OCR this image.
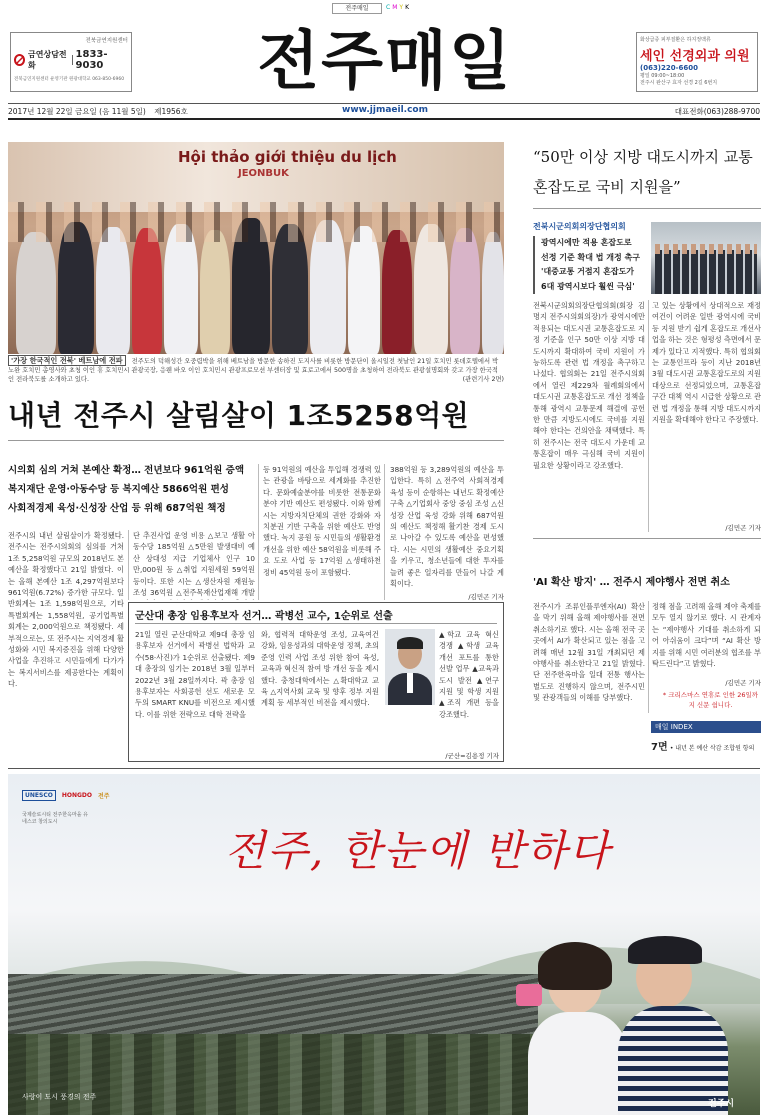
전주매일	C M Y K
전북금연지원센터
금연상담전화
1833-9030
전북금연지원센터 운영기관 원광대학교 063-850-6960 전주매일	화상급증 피부질환은 하지정맥류
세인 선경외과 의원
(063)220-6600
평일 09:00~18:00
전주시 완산구 효자 선경 2길 6번지
2017년 12월 22일 금요일 (음 11월 5일) 제1956호	www.jjmaeil.com	대표전화(063)288-9700
Hội thảo giới thiệu du lịch
JEONBUK
'가장 한국적인 전북' 베트남에 전파 전주도의 덕해성간 오중렴박을 위해 베트남을 방문한 송하진 도지사를 비롯한 방문단이 올시일전 첫날인 21일 호치민 롯데호텔에서 박노완 호치민 총영사와 초청 이인 휴 호치민시 관광국장, 응웬 바오 이인 호치민시 관광프로모션 부센터장 및 효로고에서 500명을 초청하여 전라북도 관광설명회와 갖고 가장 한국적인 전라북도를 소개하고 있다.	(관련기사 2면)
내년 전주시 살림살이 1조5258억원
시의회 심의 거쳐 본예산 확정… 전년보다 961억원 증액
복지재단 운영·아동수당 등 복지예산 5866억원 편성
사회적경제 육성·신성장 산업 등 위해 687억원 책정
전주시의 내년 살림살이가 확정됐다. 전주시는 전주시의회의 심의를 거쳐 1조 5,258억원 규모의 2018년도 본예산을 확정했다고 21일 밝혔다. 이는 올해 본예산 1조 4,297억원보다 961억원(6.72%) 증가한 규모다. 일반회계는 1조 1,598억원으로, 기타특별회계는 1,558억원, 공기업특별회계는 2,000억원으로 책정됐다. 세부적으로는, 또 전주시는 지역경제 활성화와 시민 복지증진을 위해 다양한 사업을 추진하고 시민들에게 다가가는 복지서비스를 제공한다는 계획이다.
단 추진사업 운영 비용 △보고 생활 아동수당 185억원 △5만원 발생대비 예산 상대성 지급 기업체사 인구 10만,000원 등 △취업 지원세원 59억원 등이다. 또한 시는 △생산자원 재원능 조성 36억원 △전주목재산업재해 개발
등 91억원의 예산을 투입해 경쟁력 있는 관광을 바탕으로 세계화를 추진한다. 문화예술분야를 비롯한 전통문화 분야 기반 예산도 편성됐다. 이와 함께 시는 지방자치단체의 권한 강화와 자치분권 기반 구축을 위한 예산도 반영했다. 녹지 공원 등 시민들의 생활환경 개선을 위한 예산 58억원을 비롯해 주요 도로 사업 등 17억원 △생태하천 정비 45억원 등이 포함됐다.
388억원 등 3,289억원의 예산을 투입한다. 특히 △전주역 사회적경제 육성 등이 순항하는 내년도 확정예산 구축 △기업회사 중앙 중심 조성 △신성장 산업 육성 강화 위해 687억원의 예산도 책정해 활기찬 경제 도시로 나아갈 수 있도록 예산을 편성했다. 시는 시민의 생활예산 중요기획을 키우고, 청소년들에 대한 투자를 늘려 좋은 일자리를 만들어 나갈 계획이다.
/김민곤 기자
군산대 총장 임용후보자 선거… 곽병선 교수, 1순위로 선출
21일 열린 군산대학교 제9대 총장 임용후보자 선거에서 곽병선 법학과 교수(58·사진)가 1순위로 선출됐다. 제9대 총장의 임기는 2018년 3월 일부터 2022년 3월 28일까지다. 곽 총장 임용후보자는 사회공헌 선도 새로운 모두의 SMART KNU를 비전으로 제시했다. 이를 위한 전략으로 대학 전략을
와, 협력적 대학운영 조성, 교육여건 강화, 임용성과의 대학운영 정책, 초의 준영 인력 사업 조성 위한 참여 육성, 교육과 혁신적 참여 방 개선 등을 제시했다. 충청대학에서는 △확대학교 교육 △지역사회 교육 및 향후 정부 지원 계획 등 세부적인 비전을 제시했다.
▲학교 교육 혁신 경쟁 ▲학생 교육 개선 포트를 통한 선발 업무 ▲교육과 도시 발전 ▲연구 지원 및 학생 지원 ▲조직 개편 등을 강조했다.
/군산=김용정 기자
“50만 이상 지방 대도시까지 교통혼잡도로 국비 지원을”
전북시군의회의장단협의회
광역시에만 적용 혼잡도로
선정 기준 확대 법 개정 촉구
'대중교통 거점지 혼잡도가
6대 광역시보다 훨씬 극심'
전북시군의회의장단협의회(회장 김명지 전주시의회의장)가 광역시에만 적용되는 대도시권 교통혼잡도로 지정 기준을 인구 50만 이상 지방 대도시까지 확대하여 국비 지원이 가능하도록 관련 법 개정을 촉구하고 나섰다. 협의회는 21일 전주시의회에서 열린 제229차 월례회의에서 대도시권 교통혼잡도로 개선 정책을 통해 광역시 교통문제 해결에 공헌한 만큼 지방도시에도 국비를 지원해야 한다는 건의안을 채택했다. 특히 전주시는 전국 대도시 가운데 교통혼잡이 매우 극심해 국비 지원이 필요한 상황이라고 강조했다.
고 있는 상황에서 상대적으로 재정 여건이 어려운 일반 광역시에 국비 등 지원 받기 쉽게 혼잡도로 개선사업을 하는 것은 형평성 측면에서 문제가 있다고 지적했다. 특히 협의회는 교통인프라 등이 지난 2018년 3월 대도시권 교통혼잡도로의 지원 대상으로 선정되었으며, 교통혼잡 구간 대책 역시 시급한 상황으로 관련 법 개정을 통해 지방 대도시까지 지원을 확대해야 한다고 주장했다.
/김민곤 기자
'AI 확산 방지' … 전주시 제야행사 전면 취소
전주시가 조류인플루엔자(AI) 확산을 막기 위해 올해 제야행사를 전면 취소하기로 했다. 시는 올해 전국 곳곳에서 AI가 확산되고 있는 점을 고려해 매년 12월 31일 개최되던 제야행사를 취소한다고 21일 밝혔다. 단 전주한옥마을 일대 전통 행사는 별도로 진행하지 않으며, 전주시민 및 관광객들의 이해를 당부했다.
정해 점을 고려해 올해 제야 축제를 모두 열지 않기로 했다. 시 관계자는 “제야행사 기대를 취소하게 되어 아쉬움이 크다”며 “AI 확산 방지를 위해 시민 여러분의 협조를 부탁드린다”고 밝혔다.
/김민곤 기자
* 크리스마스 연휴로 인한 26일까지 신문 쉽니다.
매일 INDEX
7면 • 내년 본 예산 삭감 조합원 항의
UNESCO	HONGDO 전주
국제슬로시티 전주한옥마을 유네스코 창의도시
전주, 한눈에 반하다
사랑이 도시 풍경의 전주
전주시
